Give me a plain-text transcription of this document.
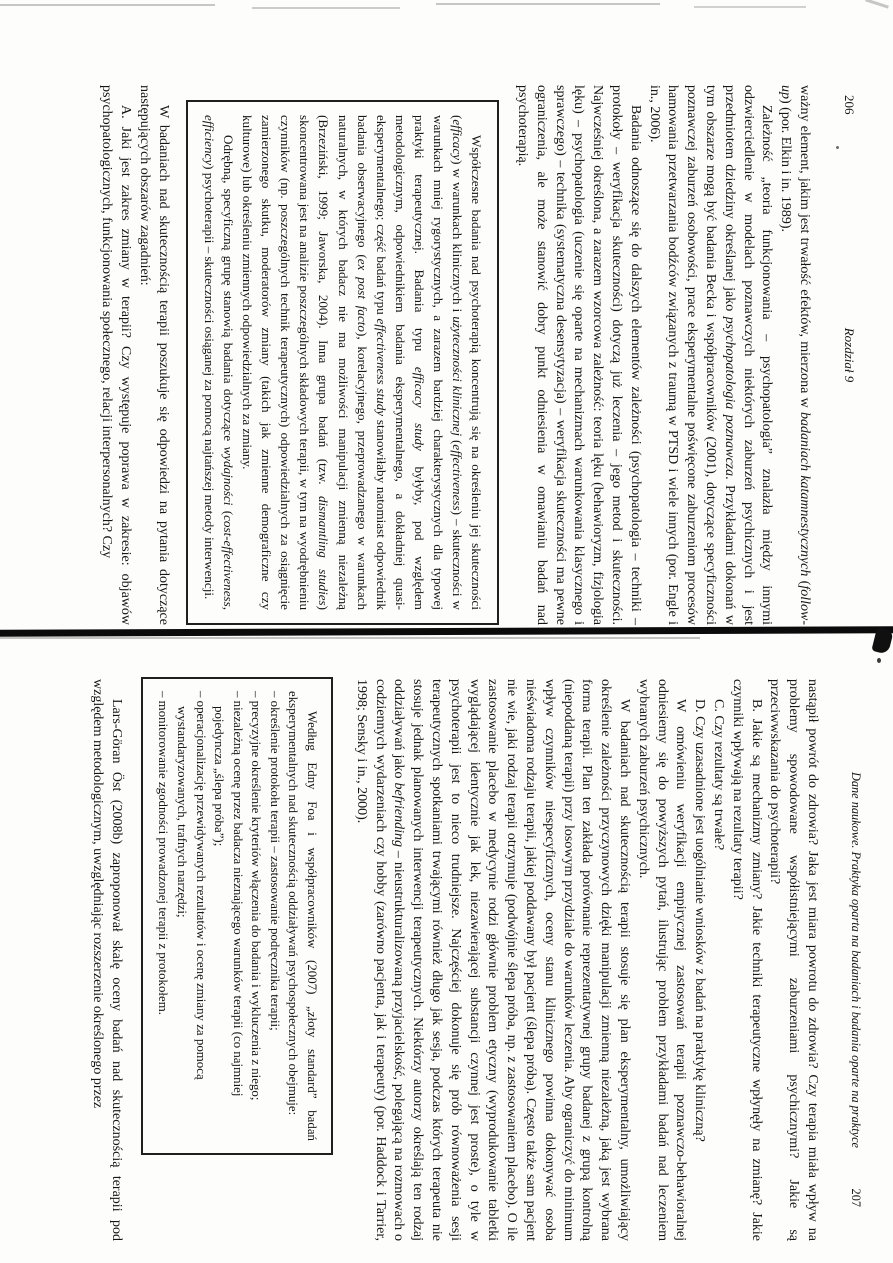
206
Rozdział 9

ważny element, jakim jest trwałość efektów, mierzona w badaniach katamnestycznych (follow-up) (por. Elkin i in. 1989).

Zależność „teoria funkcjonowania – psychopatologia” znalazła między innymi odzwierciedlenie w modelach poznawczych niektórych zaburzeń psychicznych i jest przedmiotem dziedziny określanej jako psychopatologia poznawcza. Przykładami dokonań w tym obszarze mogą być badania Becka i współpracowników (2001), dotyczące specyficzności poznawczej zaburzeń osobowości, prace eksperymentalne poświęcone zaburzeniom procesów hamowania przetwarzania bodźców związanych z traumą w PTSD i wiele innych (por. Engle i in., 2006).

Badania odnoszące się do dalszych elementów zależności (psychopatologia – techniki – protokoły – weryfikacja skuteczności) dotyczą już leczenia – jego metod i skuteczności. Najwcześniej określona, a zarazem wzorcowa zależność: teoria lęku (behawioryzm, fizjologia lęku) – psychopatologia (uczenie się oparte na mechanizmach warunkowania klasycznego i sprawczego) – technika (systematyczna desensytyzacja) – weryfikacja skuteczności ma pewne ograniczenia, ale może stanowić dobry punkt odniesienia w omawianiu badań nad psychoterapią.

Współczesne badania nad psychoterapią koncentrują się na określeniu jej skuteczności (efficacy) w warunkach klinicznych i użyteczności klinicznej (effectiveness) – skuteczności w warunkach mniej rygorystycznych, a zarazem bardziej charakterystycznych dla typowej praktyki terapeutycznej. Badania typu efficacy study byłyby, pod względem metodologicznym, odpowiednikiem badania eksperymentalnego, a dokładniej quasi-eksperymentalnego; część badań typu effectiveness study stanowiłaby natomiast odpowiednik badania obserwacyjnego (ex post facto), korelacyjnego, przeprowadzanego w warunkach naturalnych, w których badacz nie ma możliwości manipulacji zmienną niezależną (Brzeziński, 1999; Jaworska, 2004). Inna grupa badań (tzw. dismantling studies) skoncentrowana jest na analizie poszczególnych składowych terapii, w tym na wyodrębnieniu czynników (np. poszczególnych technik terapeutycznych) odpowiedzialnych za osiągnięcie zamierzonego skutku, moderatorów zmiany (takich jak zmienne demograficzne czy kulturowe) lub określeniu zmiennych odpowiedzialnych za zmiany.

Odrębną, specyficzną grupę stanowią badania dotyczące wydajności (cost-effectiveness, efficiency) psychoterapii – skuteczności osiąganej za pomocą najtańszej metody interwencji.

W badaniach nad skutecznością terapii poszukuje się odpowiedzi na pytania dotyczące następujących obszarów zagadnień:

A. Jaki jest zakres zmiany w terapii? Czy występuje poprawa w zakresie: objawów psychopatologicznych, funkcjonowania społecznego, relacji interpersonalnych? Czy

Dane naukowe. Praktyka oparta na badaniach i badania oparte na praktyce
207

nastąpił powrót do zdrowia? Jaka jest miara powrotu do zdrowia? Czy terapia miała wpływ na problemy spowodowane współistniejącymi zaburzeniami psychicznymi? Jakie są przeciwwskazania do psychoterapii?

B. Jakie są mechanizmy zmiany? Jakie techniki terapeutyczne wpłynęły na zmianę? Jakie czynniki wpływają na rezultaty terapii?

C. Czy rezultaty są trwałe?

D. Czy uzasadnione jest uogólnianie wniosków z badań na praktykę kliniczną?

W omówieniu weryfikacji empirycznej zastosowań terapii poznawczo-behawioralnej odniesiemy się do powyższych pytań, ilustrując problem przykładami badań nad leczeniem wybranych zaburzeń psychicznych.

W badaniach nad skutecznością terapii stosuje się plan eksperymentalny, umożliwiający określenie zależności przyczynowych dzięki manipulacji zmienną niezależną, jaką jest wybrana forma terapii. Plan ten zakłada porównanie reprezentatywnej grupy badanej z grupą kontrolną (niepoddaną terapii) przy losowym przydziale do warunków leczenia. Aby ograniczyć do minimum wpływ czynników niespecyficznych, oceny stanu klinicznego powinna dokonywać osoba nieświadoma rodzaju terapii, jakiej poddawany był pacjent (ślepa próba). Często także sam pacjent nie wie, jaki rodzaj terapii otrzymuje (podwójnie ślepa próba, np. z zastosowaniem placebo). O ile zastosowanie placebo w medycynie rodzi głównie problem etyczny (wyprodukowanie tabletki wyglądającej identycznie jak lek, niezawierającej substancji czynnej jest proste), o tyle w psychoterapii jest to nieco trudniejsze. Najczęściej dokonuje się prób równoważenia sesji terapeutycznych spotkaniami trwającymi również długo jak sesja, podczas których terapeuta nie stosuje jednak planowanych interwencji terapeutycznych. Niektórzy autorzy określają ten rodzaj oddziaływań jako befriending – nieustrukturalizowaną przyjacielskość, polegającą na rozmowach o codziennych wydarzeniach czy hobby (zarówno pacjenta, jak i terapeuty) (por. Haddock i Tarrier, 1998; Sensky i in., 2000).

Według Edny Foa i współpracowników (2007) „złoty standard” badań eksperymentalnych nad skutecznością oddziaływań psychospołecznych obejmuje:

– określenie protokołu terapii – zastosowanie podręcznika terapii;

– precyzyjne określenie kryteriów włączenia do badania i wykluczenia z niego;

– niezależną ocenę przez badacza nieznającego warunków terapii (co najmniej pojedyncza „ślepa próba”);

– operacjonalizację przewidywanych rezultatów i ocenę zmiany za pomocą wystandaryzowanych, trafnych narzędzi;

– monitorowanie zgodności prowadzonej terapii z protokołem.

Lars-Göran Öst (2008b) zaproponował skalę oceny badań nad skutecznością terapii pod względem metodologicznym, uwzględniając rozszerzenie określonego przez
